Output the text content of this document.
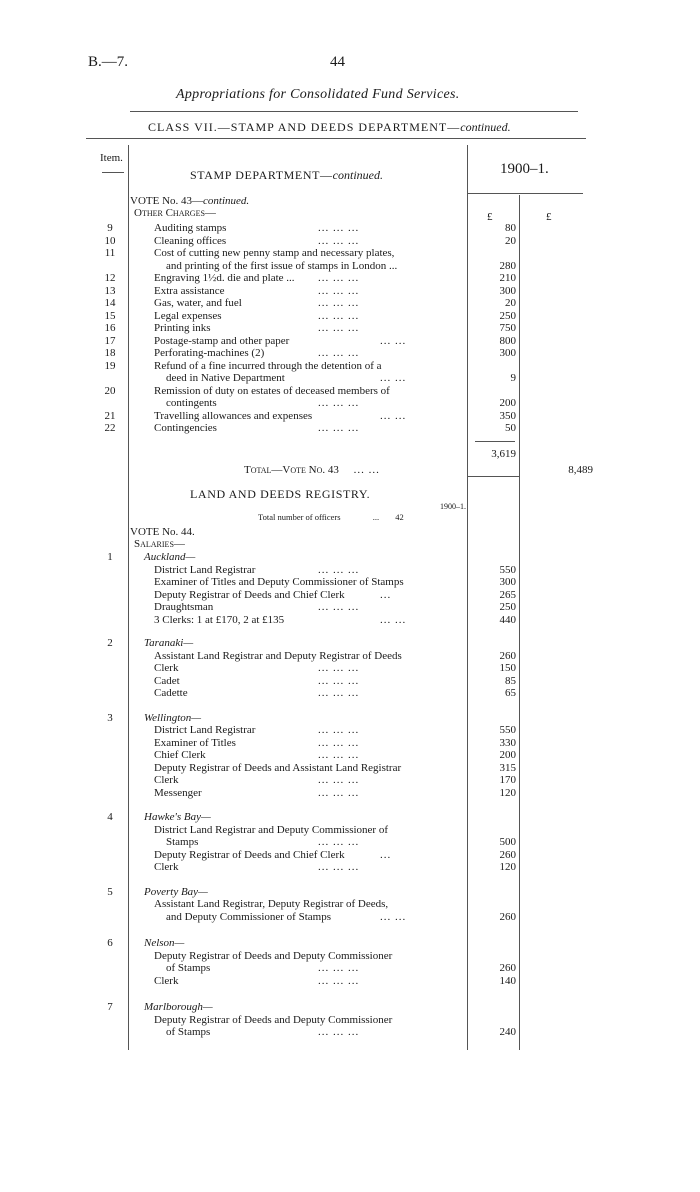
B.—7.	44
Appropriations for Consolidated Fund Services.
CLASS VII.—STAMP AND DEEDS DEPARTMENT—continued.
Item.
1900–1.
STAMP DEPARTMENT—continued.
VOTE No. 43—continued.
Other Charges—	£	£
9	Auditing stamps	... ... ...	80
10	Cleaning offices	... ... ...	20
11	Cost of cutting new penny stamp and necessary plates,
and printing of the first issue of stamps in London ...	280
12	Engraving 1½d. die and plate ... ... ... ...	210
13	Extra assistance	... ... ...	300
14	Gas, water, and fuel	... ... ...	20
15	Legal expenses	... ... ...	250
16	Printing inks	... ... ...	750
17	Postage-stamp and other paper	... ...	800
18	Perforating-machines (2)	... ... ...	300
19	Refund of a fine incurred through the detention of a
deed in Native Department	... ...	9
20	Remission of duty on estates of deceased members of
contingents	... ... ...	200
21	Travelling allowances and expenses	... ...	350
22	Contingencies	... ... ...	50
3,619
Total—Vote No. 43 ... ...	8,489
LAND AND DEEDS REGISTRY.
1900–1.
Total number of officers	... 42
VOTE No. 44.
Salaries—
1	Auckland—
District Land Registrar	... ... ...	550
Examiner of Titles and Deputy Commissioner of Stamps	300
Deputy Registrar of Deeds and Chief Clerk	...	265
Draughtsman	... ... ...	250
3 Clerks: 1 at £170, 2 at £135	... ...	440
2	Taranaki—
Assistant Land Registrar and Deputy Registrar of Deeds	260
Clerk	... ... ...	150
Cadet	... ... ...	85
Cadette	... ... ...	65
3	Wellington—
District Land Registrar	... ... ...	550
Examiner of Titles	... ... ...	330
Chief Clerk	... ... ...	200
Deputy Registrar of Deeds and Assistant Land Registrar	315
Clerk	... ... ...	170
Messenger	... ... ...	120
4	Hawke's Bay—
District Land Registrar and Deputy Commissioner of
Stamps	... ... ...	500
Deputy Registrar of Deeds and Chief Clerk	...	260
Clerk	... ... ...	120
5	Poverty Bay—
Assistant Land Registrar, Deputy Registrar of Deeds,
and Deputy Commissioner of Stamps	... ...	260
6	Nelson—
Deputy Registrar of Deeds and Deputy Commissioner
of Stamps	... ... ...	260
Clerk	... ... ...	140
7	Marlborough—
Deputy Registrar of Deeds and Deputy Commissioner
of Stamps	... ... ...	240
